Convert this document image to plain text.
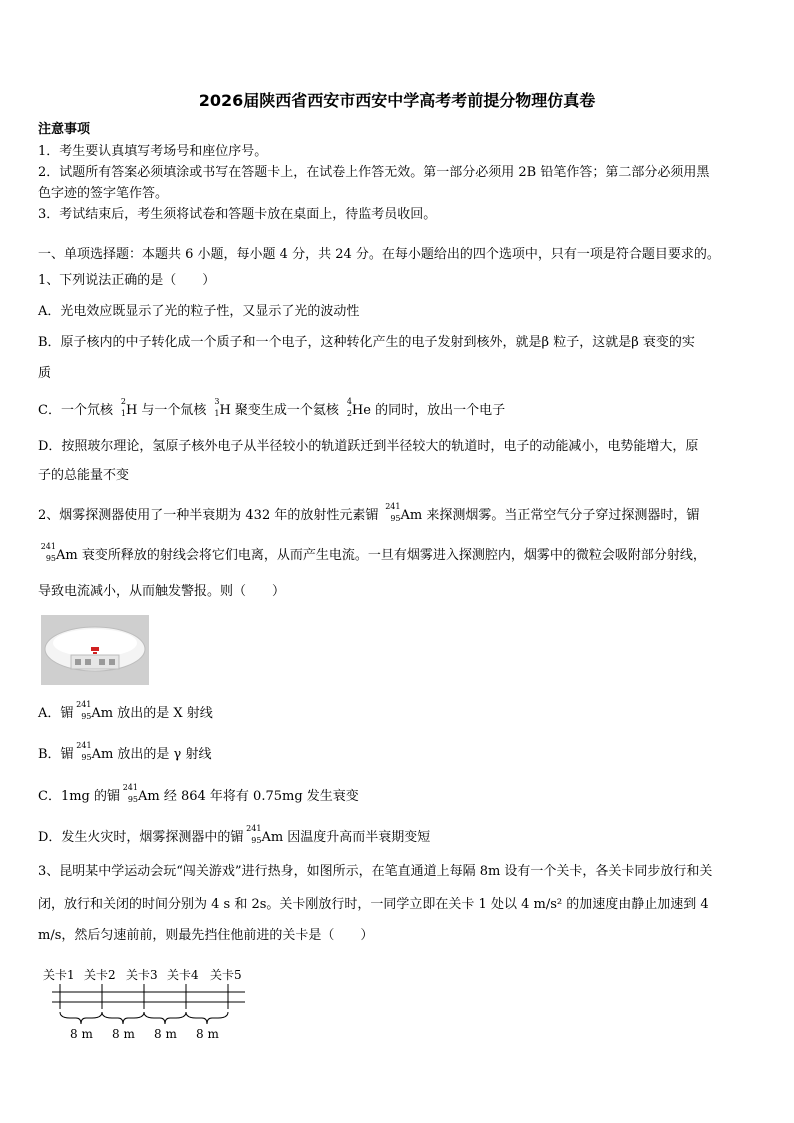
2026届陕西省西安市西安中学高考考前提分物理仿真卷
注意事项
1．考生要认真填写考场号和座位序号。
2．试题所有答案必须填涂或书写在答题卡上，在试卷上作答无效。第一部分必须用 2B 铅笔作答；第二部分必须用黑
色字迹的签字笔作答。
3．考试结束后，考生须将试卷和答题卡放在桌面上，待监考员收回。
一、单项选择题：本题共 6 小题，每小题 4 分，共 24 分。在每小题给出的四个选项中，只有一项是符合题目要求的。
1、下列说法正确的是（　　）
A．光电效应既显示了光的粒子性，又显示了光的波动性
B．原子核内的中子转化成一个质子和一个电子，这种转化产生的电子发射到核外，就是β 粒子，这就是β 衰变的实
质
C．一个氘核
2
1 H 与一个氚核
3
1 H 聚变生成一个氦核
4
2 He 的同时，放出一个电子
D．按照玻尔理论，氢原子核外电子从半径较小的轨道跃迁到半径较大的轨道时，电子的动能减小，电势能增大，原
子的总能量不变
2、烟雾探测器使用了一种半衰期为 432 年的放射性元素镅
241
95 Am 来探测烟雾。当正常空气分子穿过探测器时，镅
241
95 Am 衰变所释放的射线会将它们电离，从而产生电流。一旦有烟雾进入探测腔内，烟雾中的微粒会吸附部分射线，
导致电流减小，从而触发警报。则（　　）
A．镅
241
95 Am 放出的是 X 射线
B．镅
241
95 Am 放出的是 γ 射线
C．1mg 的镅
241
95 Am 经 864 年将有 0.75mg 发生衰变
D．发生火灾时，烟雾探测器中的镅
241
95 Am 因温度升高而半衰期变短
3、昆明某中学运动会玩“闯关游戏”进行热身，如图所示，在笔直通道上每隔 8m 设有一个关卡，各关卡同步放行和关
闭，放行和关闭的时间分别为 4 s 和 2s。关卡刚放行时，一同学立即在关卡 1 处以 4 m/s² 的加速度由静止加速到 4
m/s，然后匀速前前，则最先挡住他前进的关卡是（　　）
关卡1 关卡2 关卡3 关卡4 关卡5
8 m 8 m 8 m 8 m
